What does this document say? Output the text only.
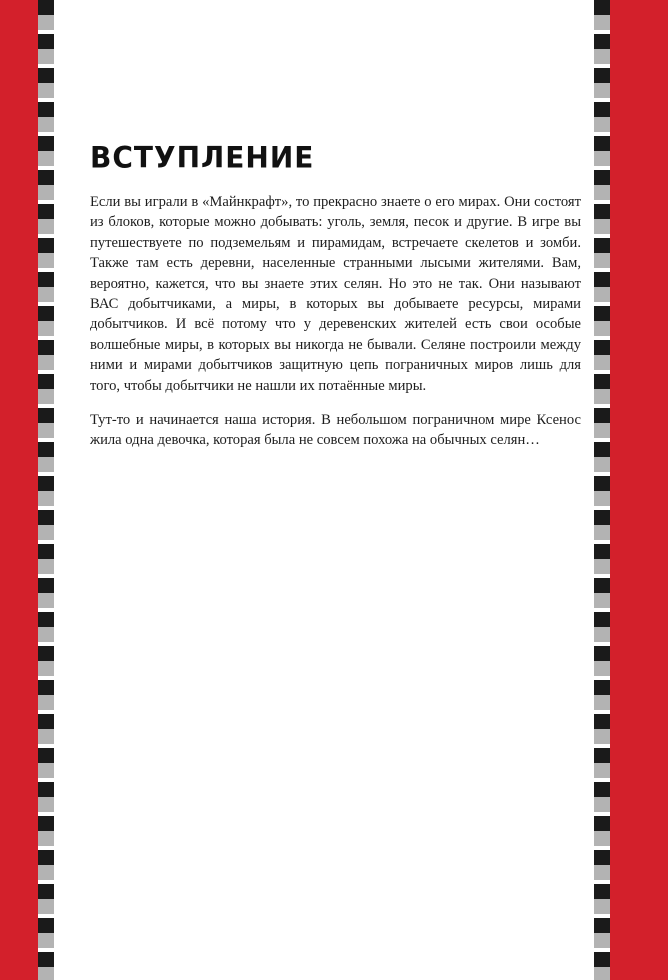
ВСТУПЛЕНИЕ

Если вы играли в «Майнкрафт», то прекрасно знаете о его мирах. Они состоят из блоков, которые можно добывать: уголь, земля, песок и другие. В игре вы путешествуете по подземельям и пирамидам, встречаете скелетов и зомби. Также там есть деревни, населенные странными лысыми жителями. Вам, вероятно, кажется, что вы знаете этих селян. Но это не так. Они называют ВАС добытчиками, а миры, в которых вы добываете ресурсы, мирами добытчиков. И всё потому что у деревенских жителей есть свои особые волшебные миры, в которых вы никогда не бывали. Селяне построили между ними и мирами добытчиков защитную цепь пограничных миров лишь для того, чтобы добытчики не нашли их потаённые миры.

Тут-то и начинается наша история. В небольшом пограничном мире Ксенос жила одна девочка, которая была не совсем похожа на обычных селян…
